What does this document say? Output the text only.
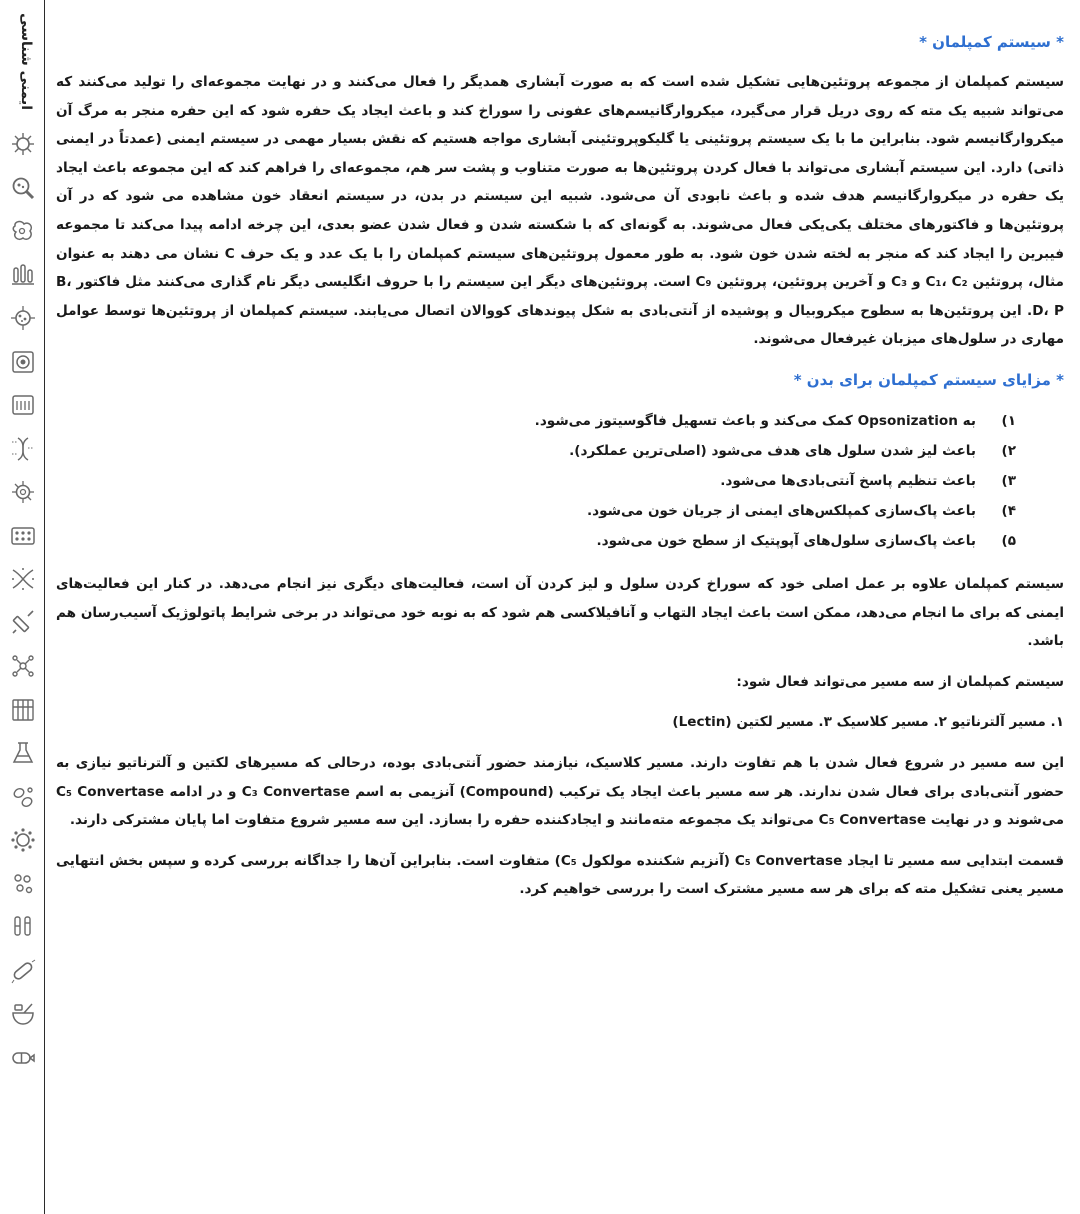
ایمنی شناسی	* سیستم کمپلمان *

سیستم کمپلمان از مجموعه پروتئین‌هایی تشکیل شده است که به صورت آبشاری همدیگر را فعال می‌کنند و در نهایت مجموعه‌ای را تولید می‌کنند که می‌تواند شبیه یک مته که روی دریل قرار می‌گیرد، میکروارگانیسم‌های عفونی را سوراخ کند و باعث ایجاد یک حفره شود که این حفره منجر به مرگ آن میکروارگانیسم شود. بنابراین ما با یک سیستم پروتئینی یا گلیکوپروتئینی آبشاری مواجه هستیم که نقش بسیار مهمی در سیستم ایمنی (عمدتاً در ایمنی ذاتی) دارد. این سیستم آبشاری می‌تواند با فعال کردن پروتئین‌ها به صورت متناوب و پشت سر هم، مجموعه‌ای را فراهم کند که این مجموعه باعث ایجاد یک حفره در میکروارگانیسم هدف شده و باعث نابودی آن می‌شود. شبیه این سیستم در بدن، در سیستم انعقاد خون مشاهده می شود که در آن پروتئین‌ها و فاکتورهای مختلف یکی‌یکی فعال می‌شوند. به گونه‌ای که با شکسته شدن و فعال شدن عضو بعدی، این چرخه ادامه پیدا می‌کند تا مجموعه فیبرین را ایجاد کند که منجر به لخته شدن خون شود. به طور معمول پروتئین‌های سیستم کمپلمان را با یک عدد و یک حرف C نشان می دهند به عنوان مثال، پروتئین C₁، C₂ و C₃ و آخرین پروتئین، پروتئین C₉ است. پروتئین‌های دیگر این سیستم را با حروف انگلیسی دیگر نام گذاری می‌کنند مثل فاکتور B، D، P. این پروتئین‌ها به سطوح میکروبیال و پوشیده از آنتی‌بادی به شکل پیوندهای کووالان اتصال می‌یابند. سیستم کمپلمان از پروتئین‌ها توسط عوامل مهاری در سلول‌های میزبان غیرفعال می‌شوند.

* مزایای سیستم کمپلمان برای بدن *
۱)به Opsonization کمک می‌کند و باعث تسهیل فاگوسیتوز می‌شود.
۲)باعث لیز شدن سلول های هدف می‌شود (اصلی‌ترین عملکرد).
۳)باعث تنظیم پاسخ آنتی‌بادی‌ها می‌شود.
۴)باعث پاک‌سازی کمپلکس‌های ایمنی از جریان خون می‌شود.
۵)باعث پاک‌سازی سلول‌های آپوپتیک از سطح خون می‌شود.

سیستم کمپلمان علاوه بر عمل اصلی خود که سوراخ کردن سلول و لیز کردن آن است، فعالیت‌های دیگری نیز انجام می‌دهد. در کنار این فعالیت‌های ایمنی که برای ما انجام می‌دهد، ممکن است باعث ایجاد التهاب و آنافیلاکسی هم شود که به نوبه خود می‌تواند در برخی شرایط پاتولوژیک آسیب‌رسان هم باشد.

سیستم کمپلمان از سه مسیر می‌تواند فعال شود:

۱. مسیر آلترناتیو ۲. مسیر کلاسیک ۳. مسیر لکتین (Lectin)

این سه مسیر در شروع فعال شدن با هم تفاوت دارند. مسیر کلاسیک، نیازمند حضور آنتی‌بادی بوده، درحالی که مسیرهای لکتین و آلترناتیو نیازی به حضور آنتی‌بادی برای فعال شدن ندارند. هر سه مسیر باعث ایجاد یک ترکیب (Compound) آنزیمی به اسم C₃ Convertase و در ادامه C₅ Convertase می‌شوند و در نهایت C₅ Convertase می‌تواند یک مجموعه مته‌مانند و ایجادکننده حفره را بسازد. این سه مسیر شروع متفاوت اما پایان مشترکی دارند.

قسمت ابتدایی سه مسیر تا ایجاد C₅ Convertase (آنزیم شکننده مولکول C₅) متفاوت است. بنابراین آن‌ها را جداگانه بررسی کرده و سپس بخش انتهایی مسیر یعنی تشکیل مته که برای هر سه مسیر مشترک است را بررسی خواهیم کرد.
